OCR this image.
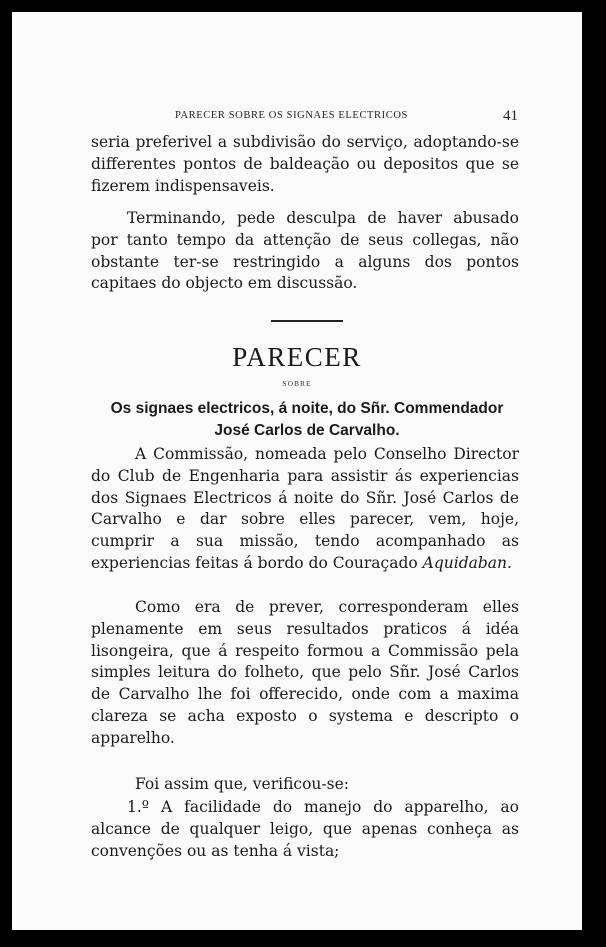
PARECER SOBRE OS SIGNAES ELECTRICOS	41
seria preferivel a subdivisão do serviço, adoptando-se differentes pontos de baldeação ou depositos que se fizerem indispensaveis.
Terminando, pede desculpa de haver abusado por tanto tempo da attenção de seus collegas, não obstante ter-se restringido a alguns dos pontos capitaes do objecto em discussão.
PARECER
SOBRE
Os signaes electricos, á noite, do Sñr. Commendador
José Carlos de Carvalho.
A Commissão, nomeada pelo Conselho Director do Club de Engenharia para assistir ás experiencias dos Signaes Electricos á noite do Sñr. José Carlos de Carvalho e dar sobre elles parecer, vem, hoje, cumprir a sua missão, tendo acompanhado as experiencias feitas á bordo do Couraçado Aquidaban.
Como era de prever, corresponderam elles plenamente em seus resultados praticos á idéa lisongeira, que á respeito formou a Commissão pela simples leitura do folheto, que pelo Sñr. José Carlos de Carvalho lhe foi offerecido, onde com a maxima clareza se acha exposto o systema e descripto o apparelho.
Foi assim que, verificou-se:
1.º A facilidade do manejo do apparelho, ao alcance de qualquer leigo, que apenas conheça as convenções ou as tenha á vista;
